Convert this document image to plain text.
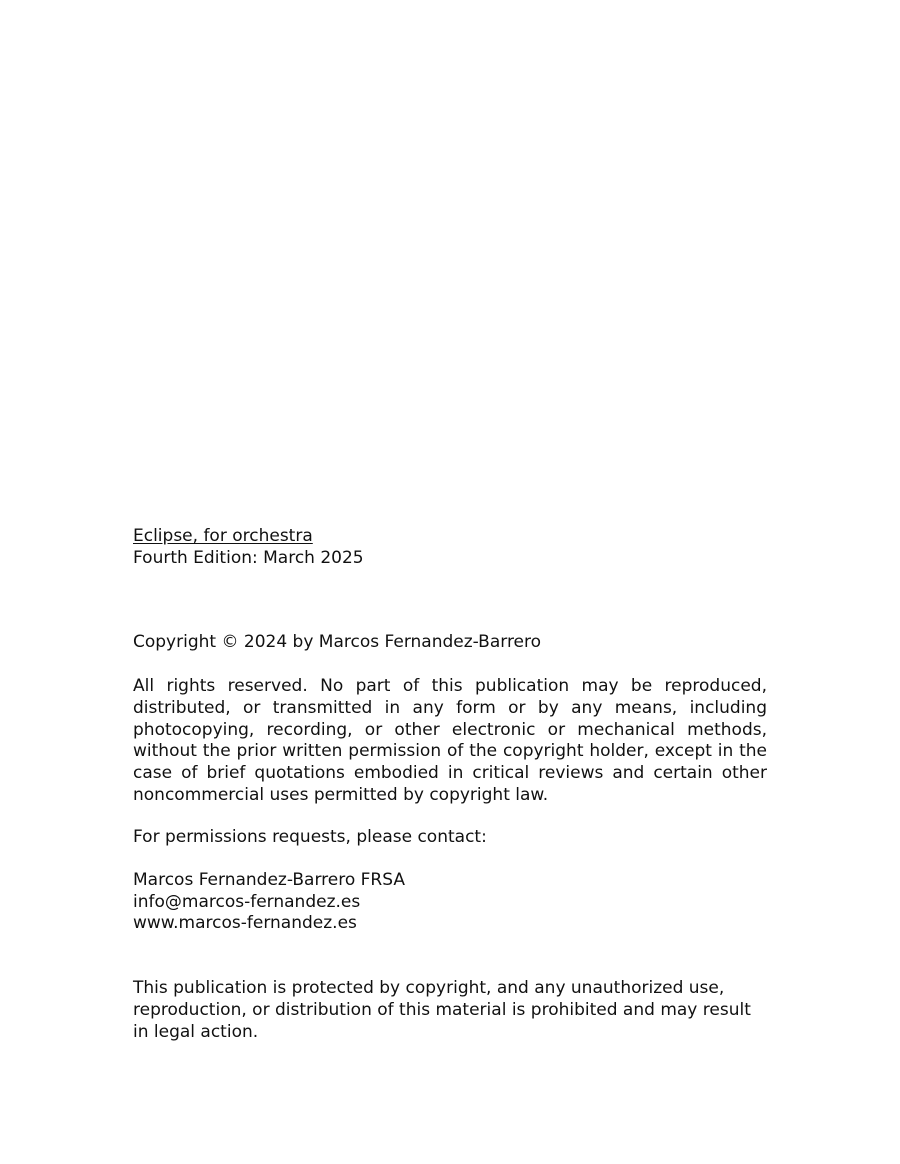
Eclipse, for orchestra

Fourth Edition: March 2025

Copyright © 2024 by Marcos Fernandez-Barrero

All rights reserved. No part of this publication may be reproduced, distributed, or transmitted in any form or by any means, including photocopying, recording, or other electronic or mechanical methods, without the prior written permission of the copyright holder, except in the case of brief quotations embodied in critical reviews and certain other noncommercial uses permitted by copyright law.

For permissions requests, please contact:

Marcos Fernandez-Barrero FRSA

info@marcos-fernandez.es

www.marcos-fernandez.es

This publication is protected by copyright, and any unauthorized use, reproduction, or distribution of this material is prohibited and may result in legal action.
